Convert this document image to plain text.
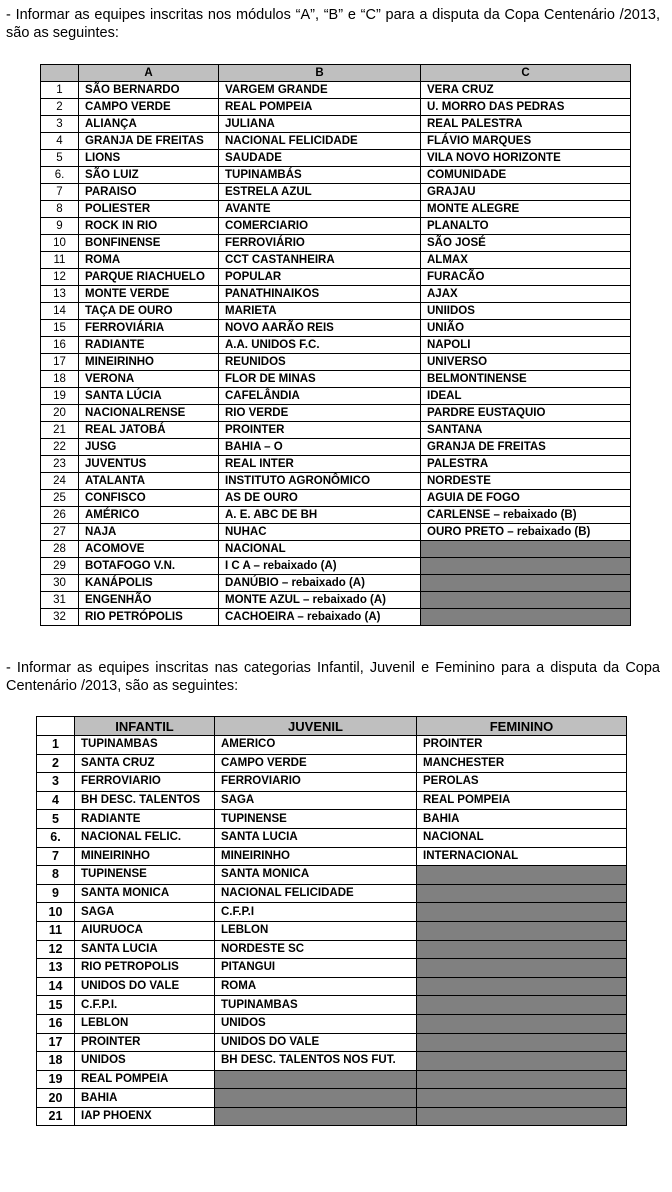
- Informar as equipes inscritas nos módulos “A”, “B” e “C” para a disputa da Copa Centenário /2013, são as seguintes:
	A	B	C
1	SÃO BERNARDO	VARGEM GRANDE	VERA CRUZ
2	CAMPO VERDE	REAL POMPEIA	U. MORRO DAS PEDRAS
3	ALIANÇA	JULIANA	REAL PALESTRA
4	GRANJA DE FREITAS	NACIONAL FELICIDADE	FLÁVIO MARQUES
5	LIONS	SAUDADE	VILA NOVO HORIZONTE
6.	SÃO LUIZ	TUPINAMBÁS	COMUNIDADE
7	PARAISO	ESTRELA AZUL	GRAJAU
8	POLIESTER	AVANTE	MONTE ALEGRE
9	ROCK IN RIO	COMERCIARIO	PLANALTO
10	BONFINENSE	FERROVIÁRIO	SÃO JOSÉ
11	ROMA	CCT CASTANHEIRA	ALMAX
12	PARQUE RIACHUELO	POPULAR	FURACÃO
13	MONTE VERDE	PANATHINAIKOS	AJAX
14	TAÇA DE OURO	MARIETA	UNIIDOS
15	FERROVIÁRIA	NOVO AARÃO REIS	UNIÃO
16	RADIANTE	A.A. UNIDOS F.C.	NAPOLI
17	MINEIRINHO	REUNIDOS	UNIVERSO
18	VERONA	FLOR DE MINAS	BELMONTINENSE
19	SANTA LÚCIA	CAFELÂNDIA	IDEAL
20	NACIONALRENSE	RIO VERDE	PARDRE EUSTAQUIO
21	REAL JATOBÁ	PROINTER	SANTANA
22	JUSG	BAHIA – O	GRANJA DE FREITAS
23	JUVENTUS	REAL INTER	PALESTRA
24	ATALANTA	INSTITUTO AGRONÔMICO	NORDESTE
25	CONFISCO	AS DE OURO	AGUIA DE FOGO
26	AMÉRICO	A. E. ABC DE BH	CARLENSE – rebaixado (B)
27	NAJA	NUHAC	OURO PRETO – rebaixado (B)
28	ACOMOVE	NACIONAL	
29	BOTAFOGO V.N.	I C A – rebaixado (A)	
30	KANÁPOLIS	DANÚBIO – rebaixado (A)	
31	ENGENHÃO	MONTE AZUL – rebaixado (A)	
32	RIO PETRÓPOLIS	CACHOEIRA – rebaixado (A)	
- Informar as equipes inscritas nas categorias Infantil, Juvenil e Feminino para a disputa da Copa Centenário /2013, são as seguintes:
	INFANTIL	JUVENIL	FEMININO
1	TUPINAMBAS	AMERICO	PROINTER
2	SANTA CRUZ	CAMPO VERDE	MANCHESTER
3	FERROVIARIO	FERROVIARIO	PEROLAS
4	BH DESC. TALENTOS	SAGA	REAL POMPEIA
5	RADIANTE	TUPINENSE	BAHIA
6.	NACIONAL FELIC.	SANTA LUCIA	NACIONAL
7	MINEIRINHO	MINEIRINHO	INTERNACIONAL
8	TUPINENSE	SANTA MONICA	
9	SANTA MONICA	NACIONAL FELICIDADE	
10	SAGA	C.F.P.I	
11	AIURUOCA	LEBLON	
12	SANTA LUCIA	NORDESTE SC	
13	RIO PETROPOLIS	PITANGUI	
14	UNIDOS DO VALE	ROMA	
15	C.F.P.I.	TUPINAMBAS	
16	LEBLON	UNIDOS	
17	PROINTER	UNIDOS DO VALE	
18	UNIDOS	BH DESC. TALENTOS NOS FUT.	
19	REAL POMPEIA		
20	BAHIA		
21	IAP PHOENX		
